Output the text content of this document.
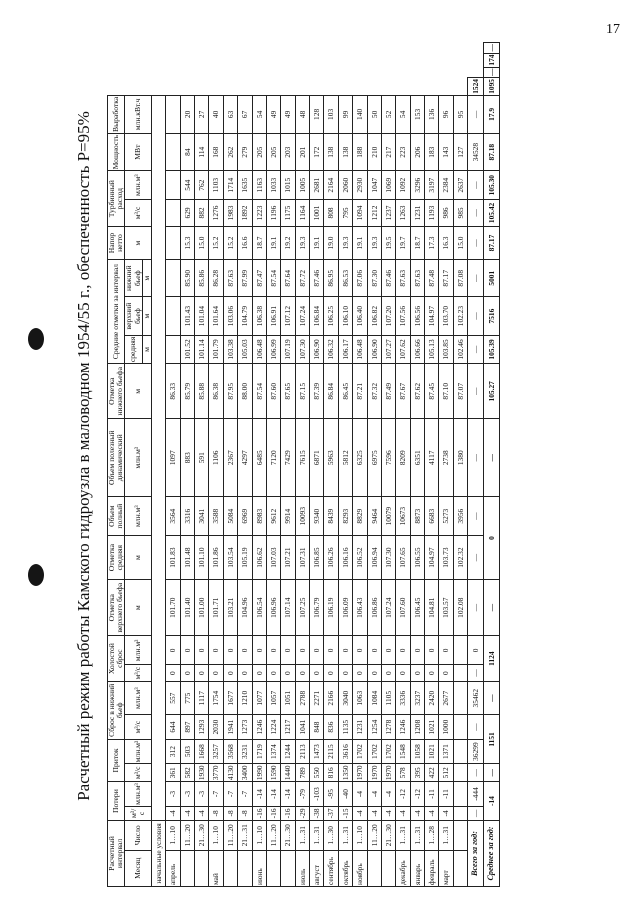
17
Расчетный режим работы Камского гидроузла в маловодном 1954/55 г., обеспеченность P=95%
Расчетный интервал		Потери		Приток		Сброс в нижний бьеф		Холостой сброс		Отметка верхнего бьефа	Отметка средняя	Объем полный	Объем полезный динамический	Отметка нижнего бьефа	Средние отметки за интервал			Напор нетто	Турбинный расход		Мощность	Выработка				
Месяц	Число	м³/с	млн.м³	м³/с	млн.м³	м³/с	млн.м³	м³/с	млн.м³	м	м	млн.м³	млн.м³	м	средняя	верхний бьеф	нижний бьеф	м	м³/с	млн.м³	МВт	млн.кВт.ч				
															м	м	м									
начальные условия																										
апрель	1…10	-4	-3	361	312	644	557	0	0	101.70	101.83	3564	1097	86.33												
	11…20	-4	-3	582	503	897	775	0	0	101.40	101.48	3316	883	85.79	101.52	101.43	85.90	15.3	629	544	84	20				
	21…30	-4	-3	1930	1668	1293	1117	0	0	101.00	101.10	3041	591	85.88	101.14	101.04	85.86	15.0	882	762	114	27				
май	1…10	-8	-7	3770	3257	2030	1754	0	0	101.71	101.86	3588	1106	86.38	101.79	101.64	86.28	15.2	1276	1103	168	40				
	11…20	-8	-7	4130	3568	1941	1677	0	0	103.21	103.54	5084	2367	87.95	103.38	103.06	87.63	15.2	1983	1714	262	63				
	21…31	-8	-7	3400	3231	1273	1210	0	0	104.96	105.19	6969	4297	88.00	105.03	104.79	87.99	16.6	1892	1635	279	67				
июнь	1…10	-16	-14	1990	1719	1246	1077	0	0	106.54	106.62	8983	6485	87.54	106.48	106.38	87.47	18.7	1223	1163	205	54				
	11…20	-16	-14	1590	1374	1224	1057	0	0	106.96	107.03	9612	7120	87.60	106.99	106.91	87.54	19.1	1196	1033	205	49				
	21…30	-16	-14	1440	1244	1217	1051	0	0	107.14	107.21	9914	7429	87.65	107.19	107.12	87.64	19.2	1175	1015	203	49				
июль	1…31	-29	-79	789	2113	1041	2788	0	0	107.25	107.31	10093	7615	87.15	107.30	107.24	87.72	19.3	1164	1005	201	48				
август	1…31	-38	-103	550	1473	848	2271	0	0	106.79	106.85	9340	6871	87.39	106.90	106.84	87.46	19.1	1001	2681	172	128				
сентябрь	1…30	-37	-95	816	2115	836	2166	0	0	106.19	106.26	8439	5963	86.84	106.32	106.25	86.95	19.0	808	2164	138	103				
октябрь	1…31	-15	-40	1350	3616	1135	3040	0	0	106.09	106.16	8293	5812	86.45	106.17	106.10	86.53	19.3	795	2060	138	99				
ноябрь	1…10	-4	-4	1970	1702	1231	1063	0	0	106.43	106.52	8829	6325	87.21	106.48	106.40	87.06	19.1	1094	2930	188	140				
	11…20	-4	-4	1970	1702	1254	1084	0	0	106.86	106.94	9464	6975	87.32	106.90	106.82	87.30	19.3	1212	1047	210	50				
	21…30	-4	-4	1970	1702	1278	1105	0	0	107.24	107.30	10079	7596	87.49	107.27	107.20	87.46	19.5	1237	1069	217	52				
декабрь	1…31	-4	-12	578	1548	1246	3336	0	0	107.60	107.65	10673	8209	87.67	107.62	107.56	87.63	19.7	1263	1092	223	54				
январь	1…31	-4	-12	395	1058	1208	3237	0	0	106.45	106.55	8873	6351	87.62	106.66	106.56	87.63	18.7	1231	3296	206	153				
февраль	1…28	-4	-11	422	1021	1021	2420	0	0	104.81	104.97	6683	4117	87.45	105.13	104.97	87.48	17.3	1193	3197	183	136				
март	1…31	-4	-11	512	1371	1000	2677	0	0	103.57	103.73	5273	2738	87.10	103.85	103.70	87.17	16.3	986	2384	143	96				
										102.08	102.32	3956	1380	87.07	102.46	102.23	87.08	15.0	985	2637	127	95				
Всего за год:		—	-444	—	36299	—	35462	—	0	—	—	—	—	—	—	—	—	—	—	—	34528	—	1524			
Среднее за год:		-14		—	1151		—	1124		—	0		—	105.27	105.39	7516	5001	87.17	105.42	105.30	87.18	17.9	1095	—	174	—
